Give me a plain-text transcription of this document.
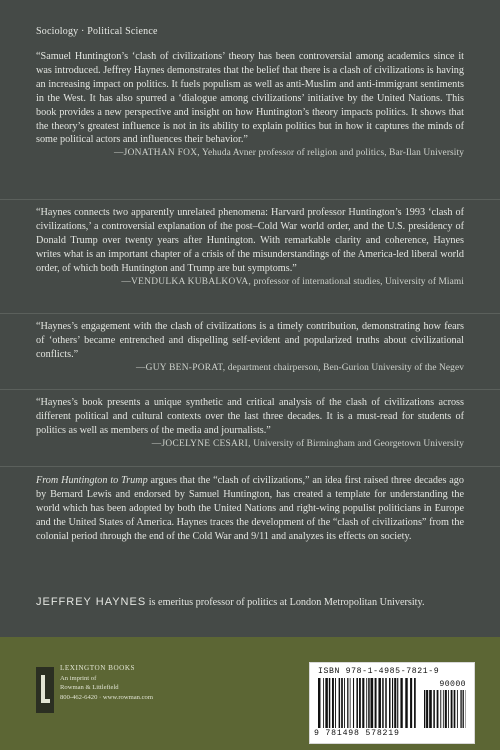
Sociology · Political Science

“Samuel Huntington’s ‘clash of civilizations’ theory has been controversial among academics since it was introduced. Jeffrey Haynes demonstrates that the belief that there is a clash of civilizations is having an increasing impact on politics. It fuels populism as well as anti-Muslim and anti-immigrant sentiments in the West. It has also spurred a ‘dialogue among civilizations’ initiative by the United Nations. This book provides a new perspective and insight on how Huntington’s theory impacts politics. It shows that the theory’s greatest influence is not in its ability to explain politics but in how it captures the minds of some political actors and influences their behavior.”

—JONATHAN FOX, Yehuda Avner professor of religion and politics, Bar-Ilan University

“Haynes connects two apparently unrelated phenomena: Harvard professor Huntington’s 1993 ‘clash of civilizations,’ a controversial explanation of the post–Cold War world order, and the U.S. presidency of Donald Trump over twenty years after Huntington. With remarkable clarity and coherence, Haynes writes what is an important chapter of a crisis of the misunderstandings of the America-led liberal world order, of which both Huntington and Trump are but symptoms.”

—VENDULKA KUBALKOVA, professor of international studies, University of Miami

“Haynes’s engagement with the clash of civilizations is a timely contribution, demonstrating how fears of ‘others’ became entrenched and dispelling self-evident and popularized truths about civilizational conflicts.”

—GUY BEN-PORAT, department chairperson, Ben-Gurion University of the Negev

“Haynes’s book presents a unique synthetic and critical analysis of the clash of civilizations across different political and cultural contexts over the last three decades. It is a must-read for students of politics as well as members of the media and journalists.”

—JOCELYNE CESARI, University of Birmingham and Georgetown University

From Huntington to Trump argues that the “clash of civilizations,” an idea first raised three decades ago by Bernard Lewis and endorsed by Samuel Huntington, has created a template for understanding the world which has been adopted by both the United Nations and right-wing populist politicians in Europe and the United States of America. Haynes traces the development of the “clash of civilizations” from the colonial period through the end of the Cold War and 9/11 and analyzes its effects on society.

JEFFREY HAYNES is emeritus professor of politics at London Metropolitan University.
LEXINGTON BOOKS
An imprint of
Rowman & Littlefield
800-462-6420 · www.rowman.com
ISBN 978-1-4985-7821-9
90000
9 781498 578219
